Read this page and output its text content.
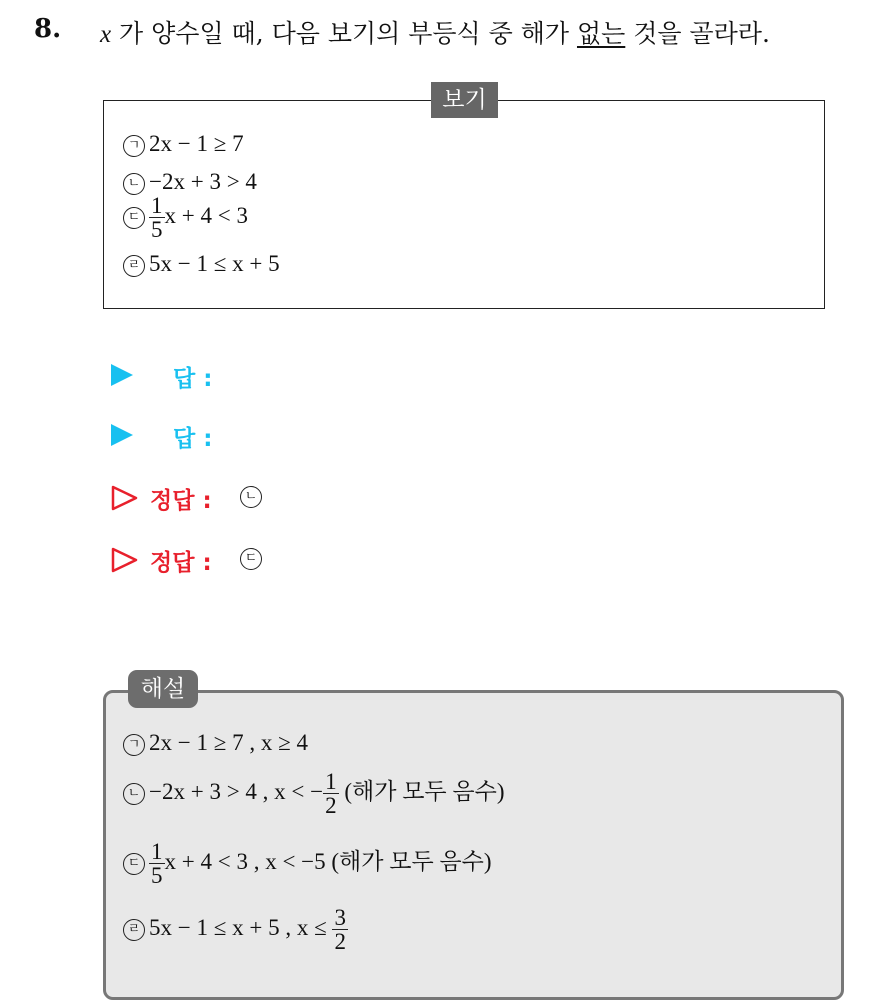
8. x 가 양수일 때, 다음 보기의 부등식 중 해가 없는 것을 골라라.
보기
ㄱ 2x − 1 ≥ 7
ㄴ −2x + 3 > 4
ㄷ $\frac{1}{5}$ x + 4 < 3
ㄹ 5x − 1 ≤ x + 5
답 :
답 :
정답 :	ㄴ
정답 :	ㄷ
해설
ㄱ 2x − 1 ≥ 7 , x ≥ 4
ㄴ −2x + 3 > 4 , x < − $\frac{1}{2}$ (해가 모두 음수)
ㄷ $\frac{1}{5}$ x + 4 < 3 , x < −5 (해가 모두 음수)
ㄹ 5x − 1 ≤ x + 5 , $x \le \frac{3}{2}$
